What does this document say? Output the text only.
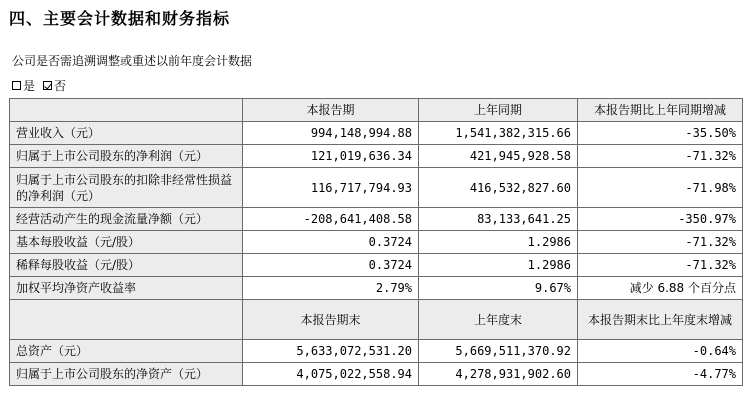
四、主要会计数据和财务指标
公司是否需追溯调整或重述以前年度会计数据
是 否
	本报告期	上年同期	本报告期比上年同期增减
营业收入（元）	994,148,994.88	1,541,382,315.66	-35.50%
归属于上市公司股东的净利润（元）	121,019,636.34	421,945,928.58	-71.32%
归属于上市公司股东的扣除非经常性损益的净利润（元）	116,717,794.93	416,532,827.60	-71.98%
经营活动产生的现金流量净额（元）	-208,641,408.58	83,133,641.25	-350.97%
基本每股收益（元/股）	0.3724	1.2986	-71.32%
稀释每股收益（元/股）	0.3724	1.2986	-71.32%
加权平均净资产收益率	2.79%	9.67%	减少 6.88 个百分点
	本报告期末	上年度末	本报告期末比上年度末增减
总资产（元）	5,633,072,531.20	5,669,511,370.92	-0.64%
归属于上市公司股东的净资产（元）	4,075,022,558.94	4,278,931,902.60	-4.77%
